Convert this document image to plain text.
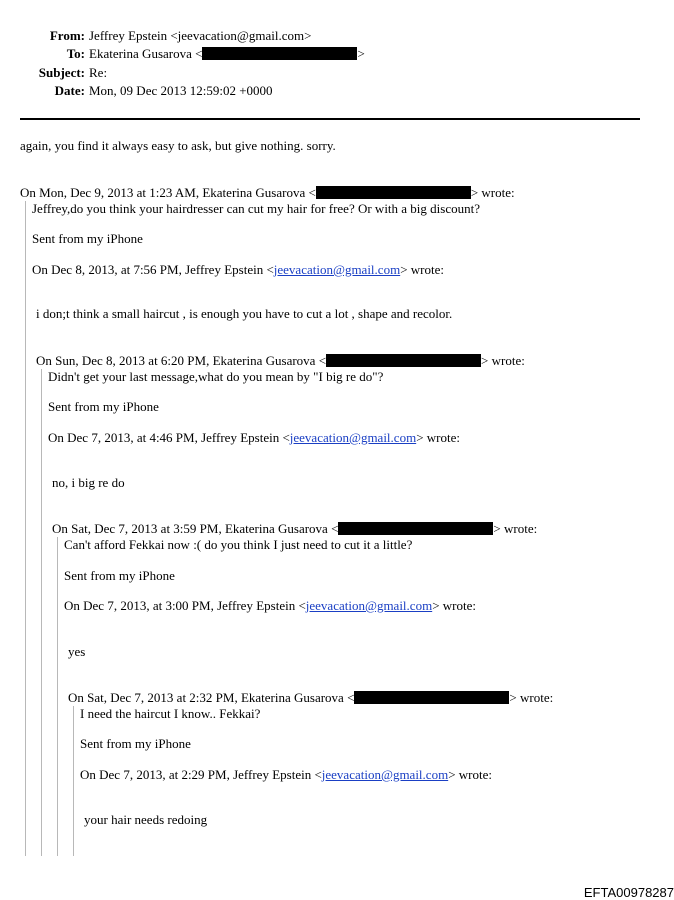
From: Jeffrey Epstein <jeevacation@gmail.com>
To: Ekaterina Gusarova <	>
Subject: Re:
Date: Mon, 09 Dec 2013 12:59:02 +0000
again, you find it always easy to ask, but give nothing. sorry.
On Mon, Dec 9, 2013 at 1:23 AM, Ekaterina Gusarova <	> wrote:
Jeffrey,do you think your hairdresser can cut my hair for free? Or with a big discount?
Sent from my iPhone
On Dec 8, 2013, at 7:56 PM, Jeffrey Epstein <jeevacation@gmail.com> wrote:
i don;t think a small haircut , is enough you have to cut a lot , shape and recolor.
On Sun, Dec 8, 2013 at 6:20 PM, Ekaterina Gusarova <	> wrote:
Didn't get your last message,what do you mean by "I big re do"?
Sent from my iPhone
On Dec 7, 2013, at 4:46 PM, Jeffrey Epstein <jeevacation@gmail.com> wrote:
no, i big re do
On Sat, Dec 7, 2013 at 3:59 PM, Ekaterina Gusarova <	> wrote:
Can't afford Fekkai now :( do you think I just need to cut it a little?
Sent from my iPhone
On Dec 7, 2013, at 3:00 PM, Jeffrey Epstein <jeevacation@gmail.com> wrote:
yes
On Sat, Dec 7, 2013 at 2:32 PM, Ekaterina Gusarova <	> wrote:
I need the haircut I know.. Fekkai?
Sent from my iPhone
On Dec 7, 2013, at 2:29 PM, Jeffrey Epstein <jeevacation@gmail.com> wrote:
your hair needs redoing
EFTA00978287
